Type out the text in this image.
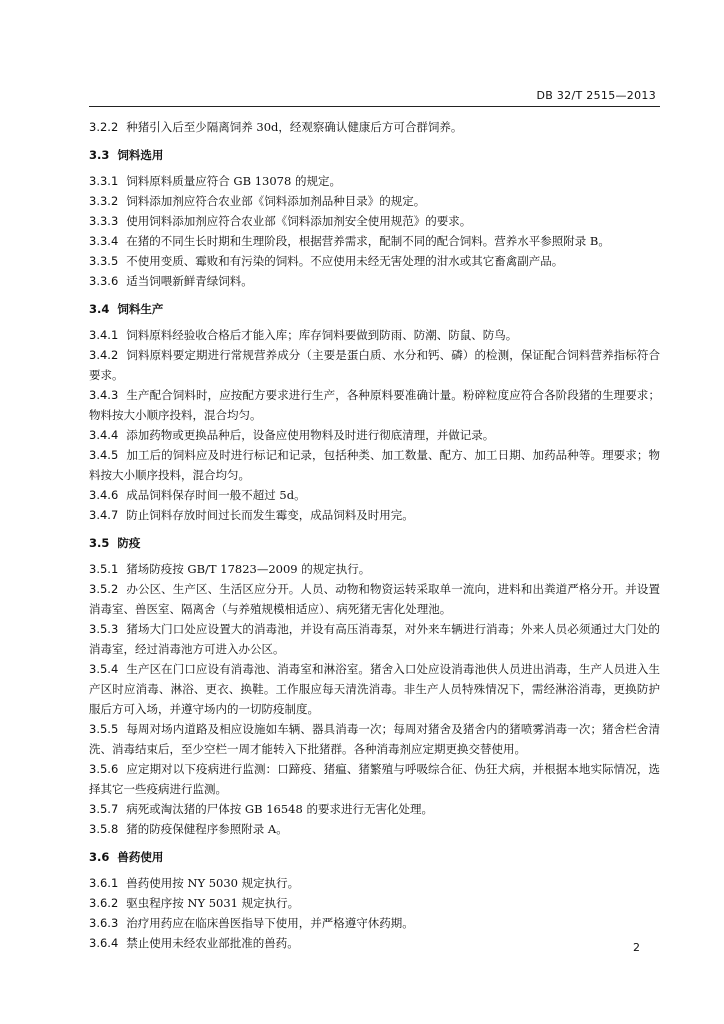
DB 32/T 2515—2013

3.2.2 种猪引入后至少隔离饲养 30d，经观察确认健康后方可合群饲养。

3.3 饲料选用

3.3.1 饲料原料质量应符合 GB 13078 的规定。

3.3.2 饲料添加剂应符合农业部《饲料添加剂品种目录》的规定。

3.3.3 使用饲料添加剂应符合农业部《饲料添加剂安全使用规范》的要求。

3.3.4 在猪的不同生长时期和生理阶段，根据营养需求，配制不同的配合饲料。营养水平参照附录 B。

3.3.5 不使用变质、霉败和有污染的饲料。不应使用未经无害处理的泔水或其它畜禽副产品。

3.3.6 适当饲喂新鲜青绿饲料。

3.4 饲料生产

3.4.1 饲料原料经验收合格后才能入库；库存饲料要做到防雨、防潮、防鼠、防鸟。

3.4.2 饲料原料要定期进行常规营养成分（主要是蛋白质、水分和钙、磷）的检测，保证配合饲料营养指标符合要求。

3.4.3 生产配合饲料时，应按配方要求进行生产，各种原料要准确计量。粉碎粒度应符合各阶段猪的生理要求；物料按大小顺序投料，混合均匀。

3.4.4 添加药物或更换品种后，设备应使用物料及时进行彻底清理，并做记录。

3.4.5 加工后的饲料应及时进行标记和记录，包括种类、加工数量、配方、加工日期、加药品种等。理要求；物料按大小顺序投料，混合均匀。

3.4.6 成品饲料保存时间一般不超过 5d。

3.4.7 防止饲料存放时间过长而发生霉变，成品饲料及时用完。

3.5 防疫

3.5.1 猪场防疫按 GB/T 17823—2009 的规定执行。

3.5.2 办公区、生产区、生活区应分开。人员、动物和物资运转采取单一流向，进料和出粪道严格分开。并设置消毒室、兽医室、隔离舍（与养殖规模相适应）、病死猪无害化处理池。

3.5.3 猪场大门口处应设置大的消毒池，并设有高压消毒泵，对外来车辆进行消毒；外来人员必须通过大门处的消毒室，经过消毒池方可进入办公区。

3.5.4 生产区在门口应设有消毒池、消毒室和淋浴室。猪舍入口处应设消毒池供人员进出消毒，生产人员进入生产区时应消毒、淋浴、更衣、换鞋。工作服应每天清洗消毒。非生产人员特殊情况下，需经淋浴消毒，更换防护服后方可入场，并遵守场内的一切防疫制度。

3.5.5 每周对场内道路及相应设施如车辆、器具消毒一次；每周对猪舍及猪舍内的猪喷雾消毒一次；猪舍栏舍清洗、消毒结束后，至少空栏一周才能转入下批猪群。各种消毒剂应定期更换交替使用。

3.5.6 应定期对以下疫病进行监测：口蹄疫、猪瘟、猪繁殖与呼吸综合征、伪狂犬病，并根据本地实际情况，选择其它一些疫病进行监测。

3.5.7 病死或淘汰猪的尸体按 GB 16548 的要求进行无害化处理。

3.5.8 猪的防疫保健程序参照附录 A。

3.6 兽药使用

3.6.1 兽药使用按 NY 5030 规定执行。

3.6.2 驱虫程序按 NY 5031 规定执行。

3.6.3 治疗用药应在临床兽医指导下使用，并严格遵守休药期。

3.6.4 禁止使用未经农业部批准的兽药。	2
